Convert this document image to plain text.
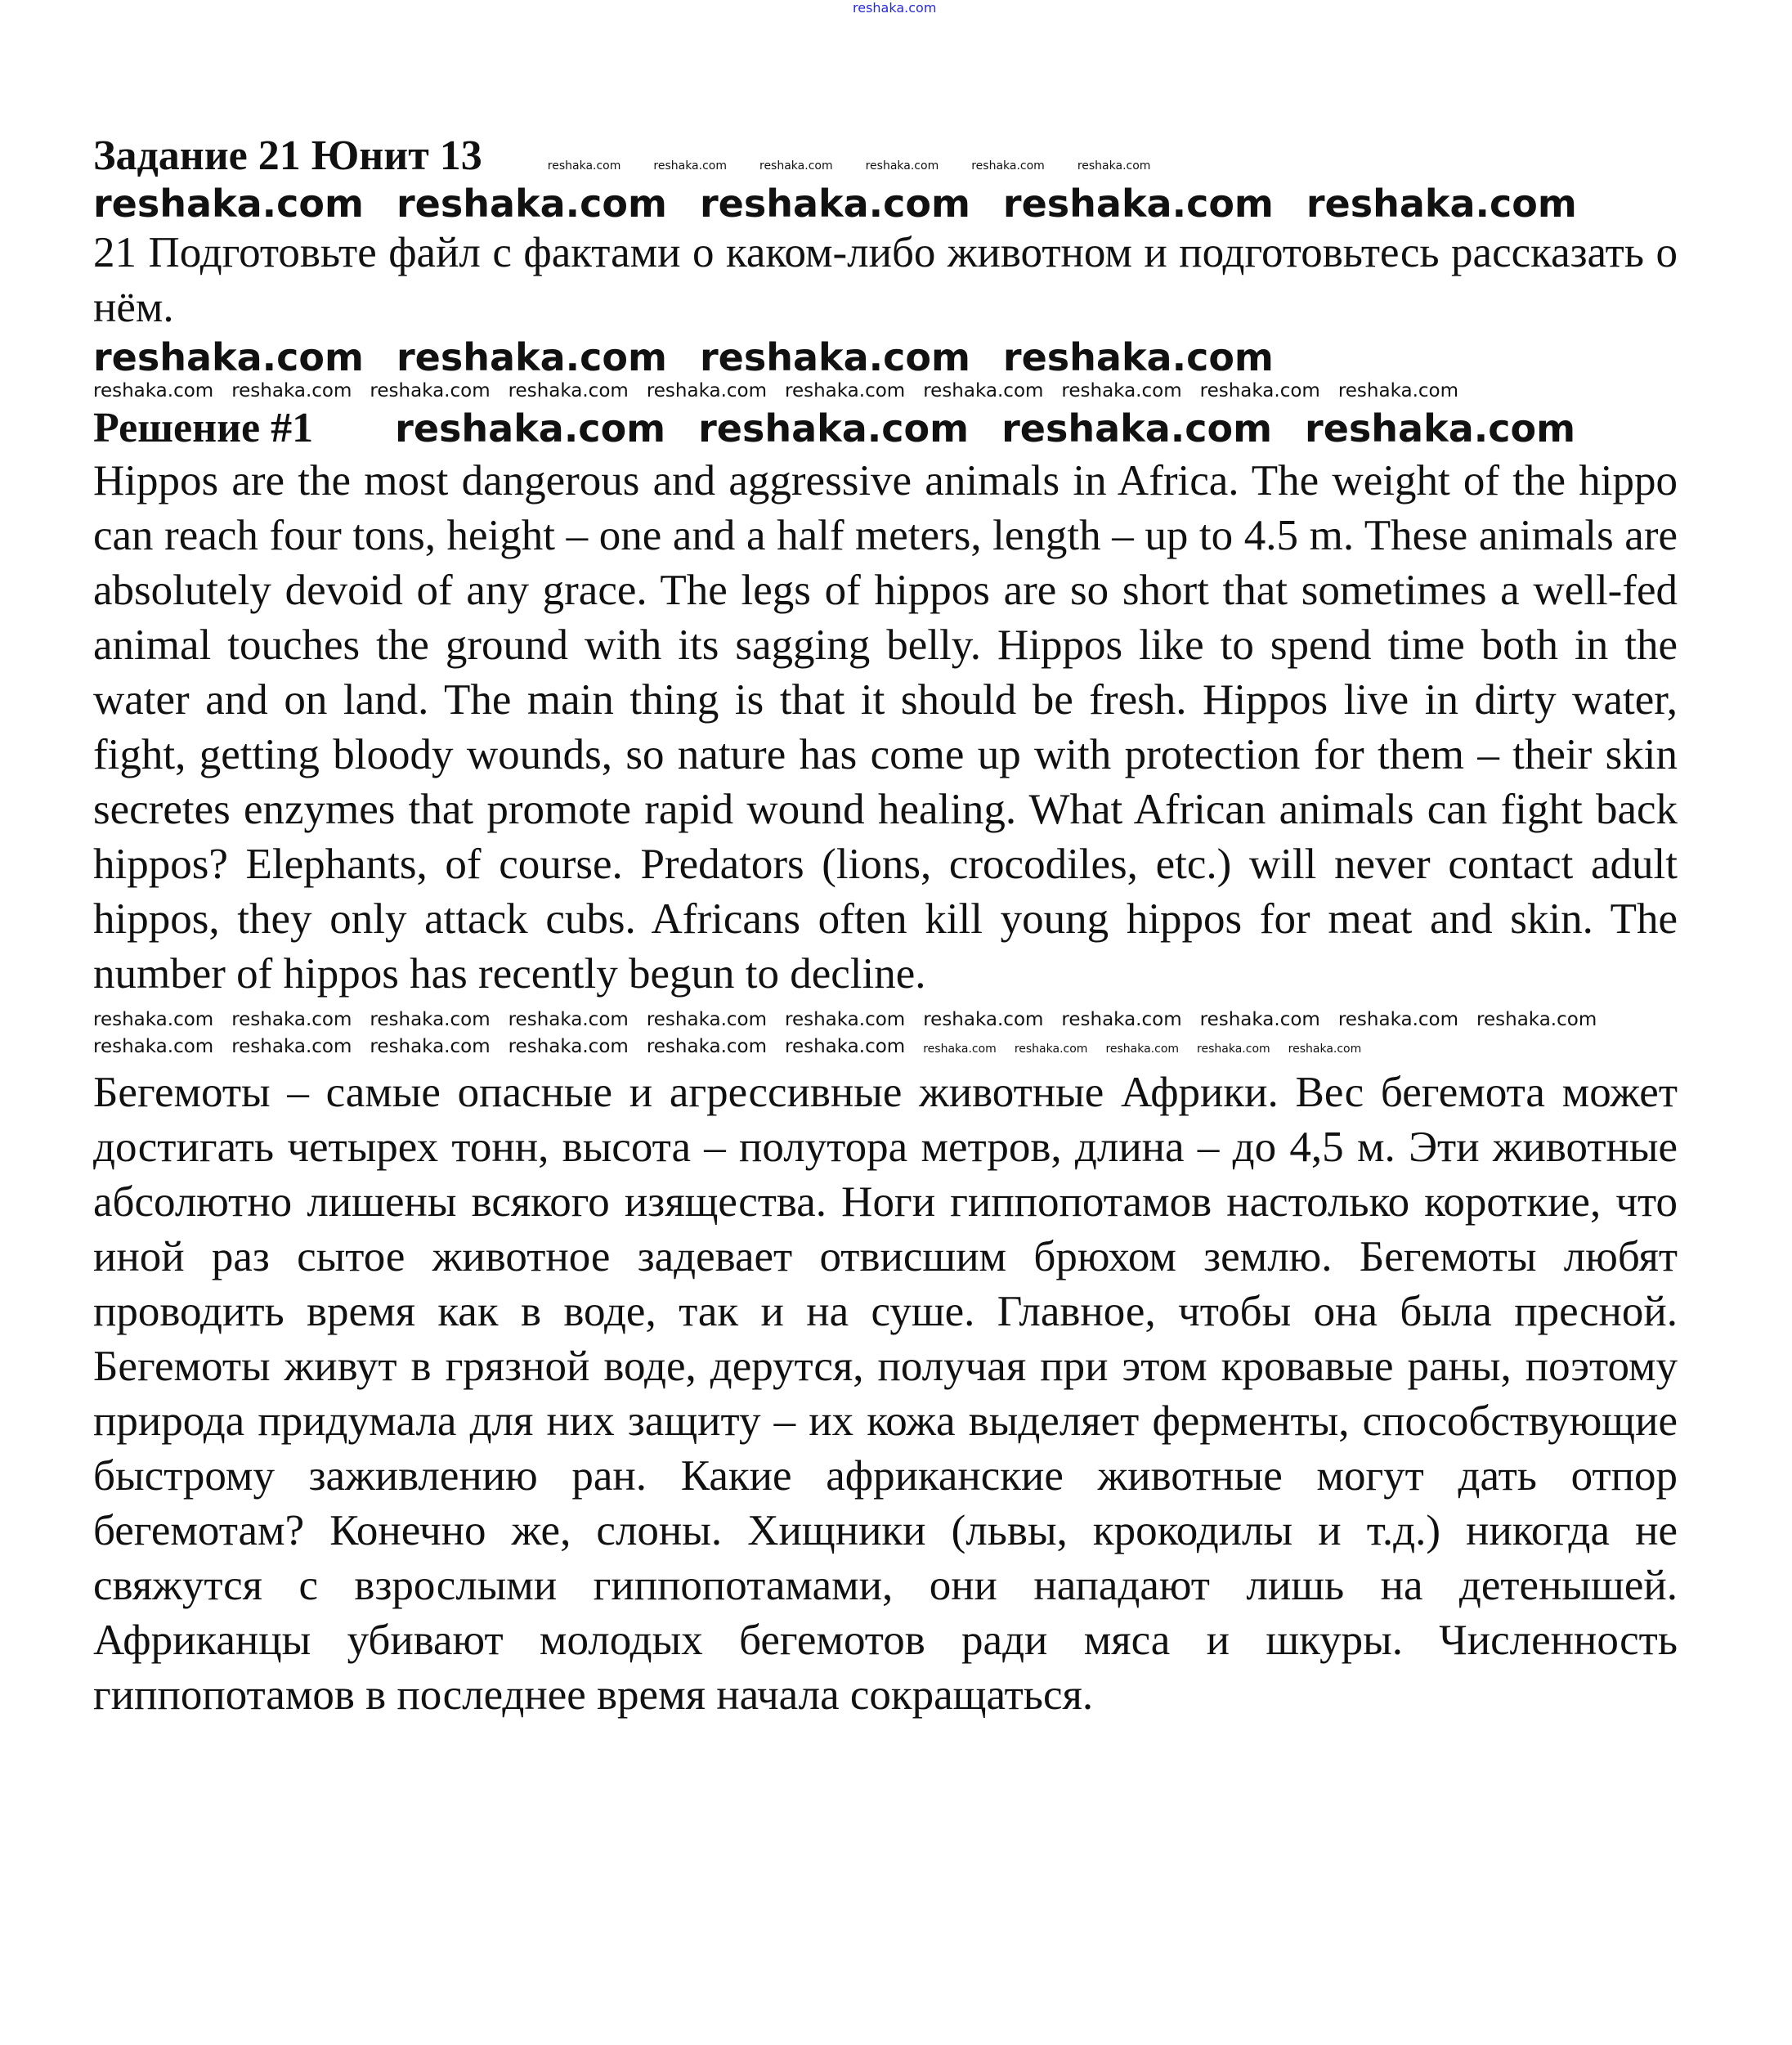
reshaka.com
Задание 21 Юнит 13	reshaka.com	reshaka.com	reshaka.com	reshaka.com	reshaka.com	reshaka.com
reshaka.com reshaka.com reshaka.com reshaka.com reshaka.com

21 Подготовьте файл с фактами о каком-либо животном и подготовьтесь рассказать о нём.

reshaka.com reshaka.com reshaka.com reshaka.com
reshaka.com reshaka.com reshaka.com reshaka.com reshaka.com reshaka.com reshaka.com reshaka.com reshaka.com reshaka.com
Решение #1 reshaka.com reshaka.com reshaka.com reshaka.com

Hippos are the most dangerous and aggressive animals in Africa. The weight of the hippo can reach four tons, height – one and a half meters, length – up to 4.5 m. These animals are absolutely devoid of any grace. The legs of hippos are so short that sometimes a well-fed animal touches the ground with its sagging belly. Hippos like to spend time both in the water and on land. The main thing is that it should be fresh. Hippos live in dirty water, fight, getting bloody wounds, so nature has come up with protection for them – their skin secretes enzymes that promote rapid wound healing. What African animals can fight back hippos? Elephants, of course. Predators (lions, crocodiles, etc.) will never contact adult hippos, they only attack cubs. Africans often kill young hippos for meat and skin. The number of hippos has recently begun to decline.

reshaka.com reshaka.com reshaka.com reshaka.com reshaka.com reshaka.com reshaka.com reshaka.com reshaka.com reshaka.com reshaka.com
reshaka.com reshaka.com reshaka.com reshaka.com reshaka.com reshaka.com reshaka.com reshaka.com reshaka.com reshaka.com reshaka.com

Бегемоты – самые опасные и агрессивные животные Африки. Вес бегемота может достигать четырех тонн, высота – полутора метров, длина – до 4,5 м. Эти животные абсолютно лишены всякого изящества. Ноги гиппопотамов настолько короткие, что иной раз сытое животное задевает отвисшим брюхом землю. Бегемоты любят проводить время как в воде, так и на суше. Главное, чтобы она была пресной. Бегемоты живут в грязной воде, дерутся, получая при этом кровавые раны, поэтому природа придумала для них защиту – их кожа выделяет ферменты, способствующие быстрому заживлению ран. Какие африканские животные могут дать отпор бегемотам? Конечно же, слоны. Хищники (львы, крокодилы и т.д.) никогда не свяжутся с взрослыми гиппопотамами, они нападают лишь на детенышей. Африканцы убивают молодых бегемотов ради мяса и шкуры. Численность гиппопотамов в последнее время начала сокращаться.
